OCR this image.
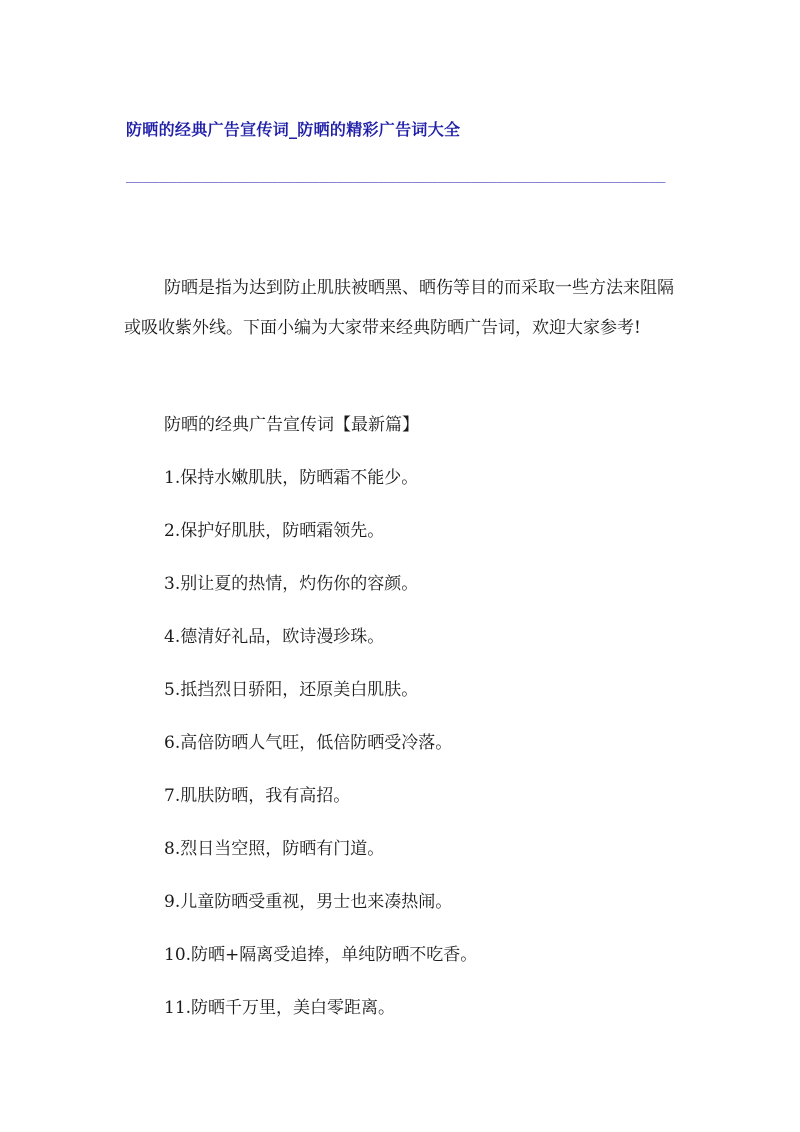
防晒的经典广告宣传词_防晒的精彩广告词大全
________________________________________________________________

防晒是指为达到防止肌肤被晒黑、晒伤等目的而采取一些方法来阻隔或吸收紫外线。下面小编为大家带来经典防晒广告词，欢迎大家参考!

防晒的经典广告宣传词【最新篇】

1.保持水嫩肌肤，防晒霜不能少。

2.保护好肌肤，防晒霜领先。

3.别让夏的热情，灼伤你的容颜。

4.德清好礼品，欧诗漫珍珠。

5.抵挡烈日骄阳，还原美白肌肤。

6.高倍防晒人气旺，低倍防晒受冷落。

7.肌肤防晒，我有高招。

8.烈日当空照，防晒有门道。

9.儿童防晒受重视，男士也来凑热闹。

10.防晒+隔离受追捧，单纯防晒不吃香。

11.防晒千万里，美白零距离。
